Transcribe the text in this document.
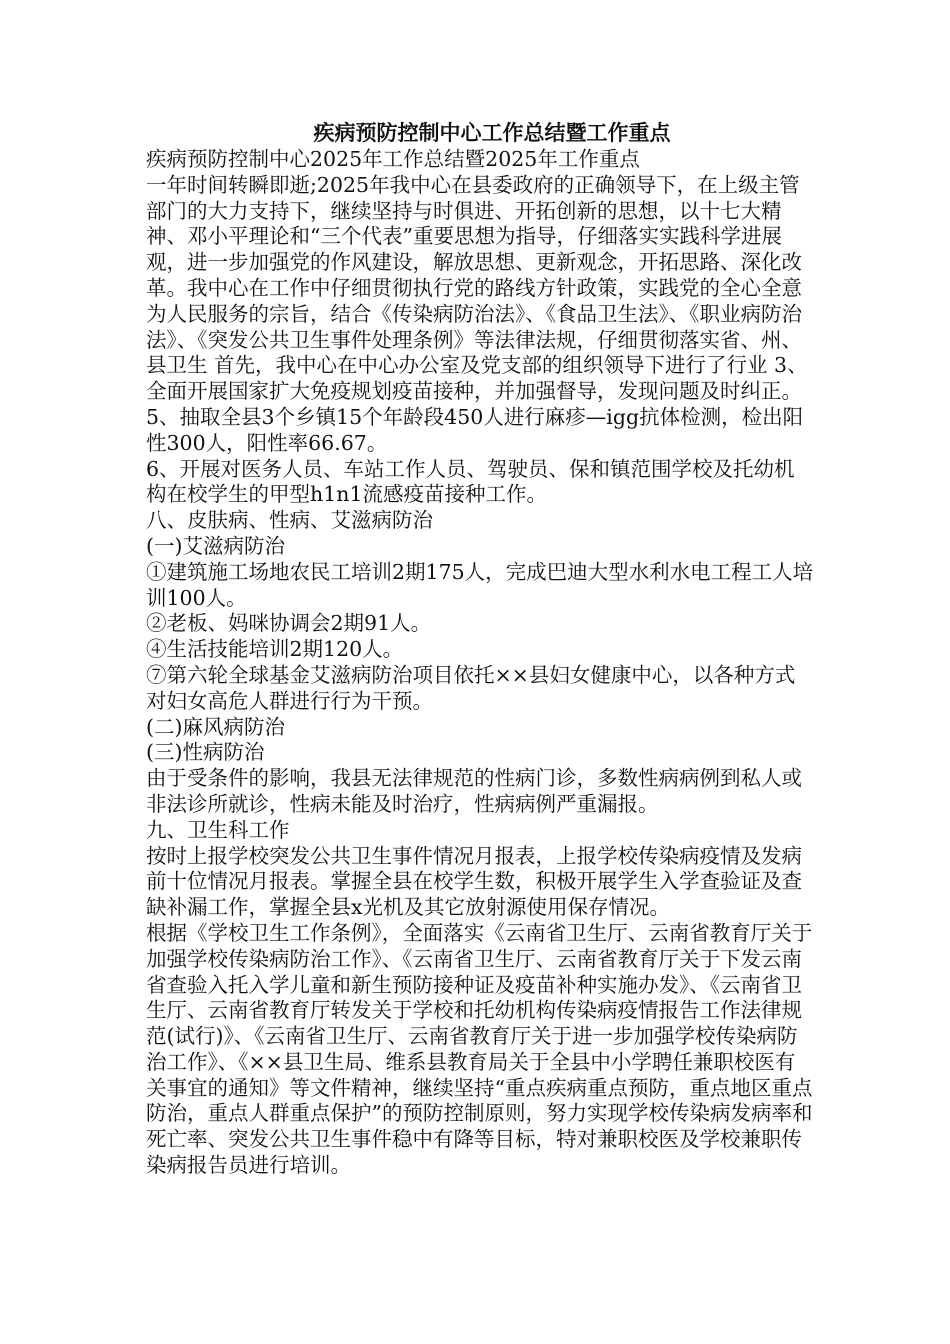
疾病预防控制中心工作总结暨工作重点

疾病预防控制中心2025年工作总结暨2025年工作重点

一年时间转瞬即逝;2025年我中心在县委政府的正确领导下，在上级主管部门的大力支持下，继续坚持与时俱进、开拓创新的思想，以十七大精神、邓小平理论和“三个代表”重要思想为指导，仔细落实实践科学进展观，进一步加强党的作风建设，解放思想、更新观念，开拓思路、深化改革。我中心在工作中仔细贯彻执行党的路线方针政策，实践党的全心全意为人民服务的宗旨，结合《传染病防治法》、《食品卫生法》、《职业病防治法》、《突发公共卫生事件处理条例》等法律法规，仔细贯彻落实省、州、县卫生 首先，我中心在中心办公室及党支部的组织领导下进行了行业 3、全面开展国家扩大免疫规划疫苗接种，并加强督导，发现问题及时纠正。

5、抽取全县3个乡镇15个年龄段450人进行麻疹—igg抗体检测，检出阳性300人，阳性率66.67。

6、开展对医务人员、车站工作人员、驾驶员、保和镇范围学校及托幼机构在校学生的甲型h1n1流感疫苗接种工作。

八、皮肤病、性病、艾滋病防治

(一)艾滋病防治

①建筑施工场地农民工培训2期175人，完成巴迪大型水利水电工程工人培训100人。

②老板、妈咪协调会2期91人。

④生活技能培训2期120人。

⑦第六轮全球基金艾滋病防治项目依托××县妇女健康中心，以各种方式对妇女高危人群进行行为干预。

(二)麻风病防治

(三)性病防治

由于受条件的影响，我县无法律规范的性病门诊，多数性病病例到私人或非法诊所就诊，性病未能及时治疗，性病病例严重漏报。

九、卫生科工作

按时上报学校突发公共卫生事件情况月报表，上报学校传染病疫情及发病前十位情况月报表。掌握全县在校学生数，积极开展学生入学查验证及查缺补漏工作，掌握全县x光机及其它放射源使用保存情况。

根据《学校卫生工作条例》，全面落实《云南省卫生厅、云南省教育厅关于加强学校传染病防治工作》、《云南省卫生厅、云南省教育厅关于下发云南省查验入托入学儿童和新生预防接种证及疫苗补种实施办发》、《云南省卫生厅、云南省教育厅转发关于学校和托幼机构传染病疫情报告工作法律规范(试行)》、《云南省卫生厅、云南省教育厅关于进一步加强学校传染病防治工作》、《××县卫生局、维系县教育局关于全县中小学聘任兼职校医有关事宜的通知》等文件精神，继续坚持“重点疾病重点预防，重点地区重点防治，重点人群重点保护”的预防控制原则，努力实现学校传染病发病率和死亡率、突发公共卫生事件稳中有降等目标，特对兼职校医及学校兼职传染病报告员进行培训。
